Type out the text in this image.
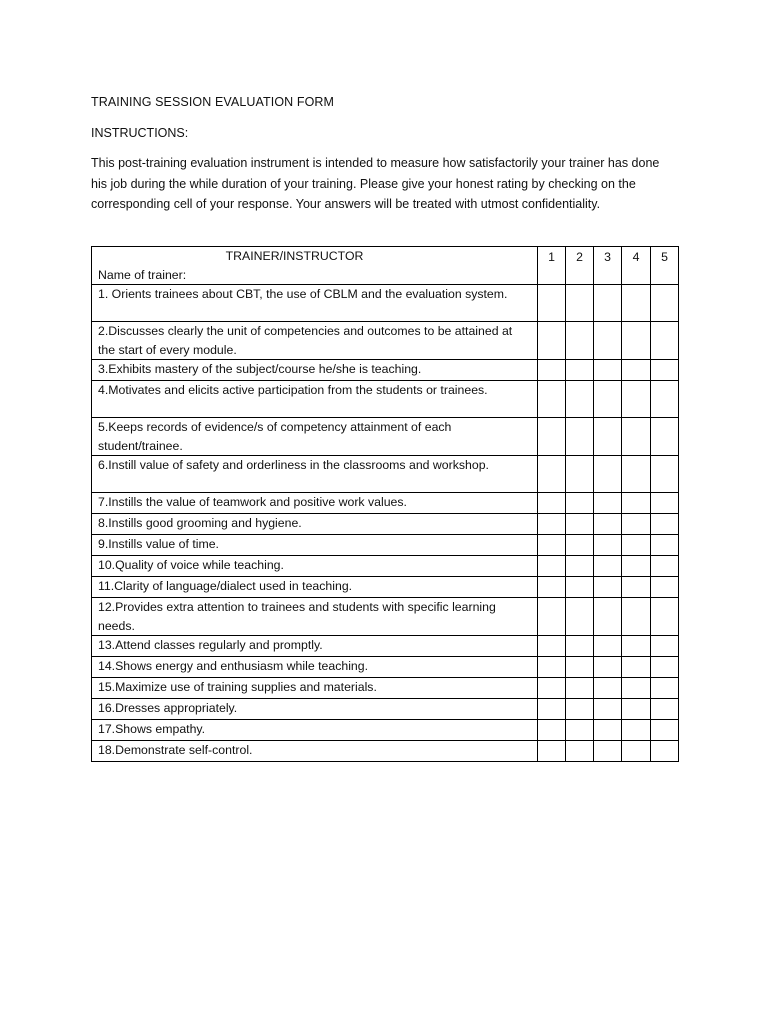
TRAINING SESSION EVALUATION FORM

INSTRUCTIONS:

This post-training evaluation instrument is intended to measure how satisfactorily your trainer has done his job during the while duration of your training. Please give your honest rating by checking on the corresponding cell of your response. Your answers will be treated with utmost confidentiality.

TRAINER/INSTRUCTOR
Name of trainer:	1	2	3	4	5

1. Orients trainees about CBT, the use of CBLM and the evaluation system.					
2.Discusses clearly the unit of competencies and outcomes to be attained at the start of every module.					
3.Exhibits mastery of the subject/course he/she is teaching.					
4.Motivates and elicits active participation from the students or trainees.					
5.Keeps records of evidence/s of competency attainment of each student/trainee.					
6.Instill value of safety and orderliness in the classrooms and workshop.					
7.Instills the value of teamwork and positive work values.					
8.Instills good grooming and hygiene.					
9.Instills value of time.					
10.Quality of voice while teaching.					
11.Clarity of language/dialect used in teaching.					
12.Provides extra attention to trainees and students with specific learning needs.					
13.Attend classes regularly and promptly.					
14.Shows energy and enthusiasm while teaching.					
15.Maximize use of training supplies and materials.					
16.Dresses appropriately.					
17.Shows empathy.					
18.Demonstrate self-control.					
